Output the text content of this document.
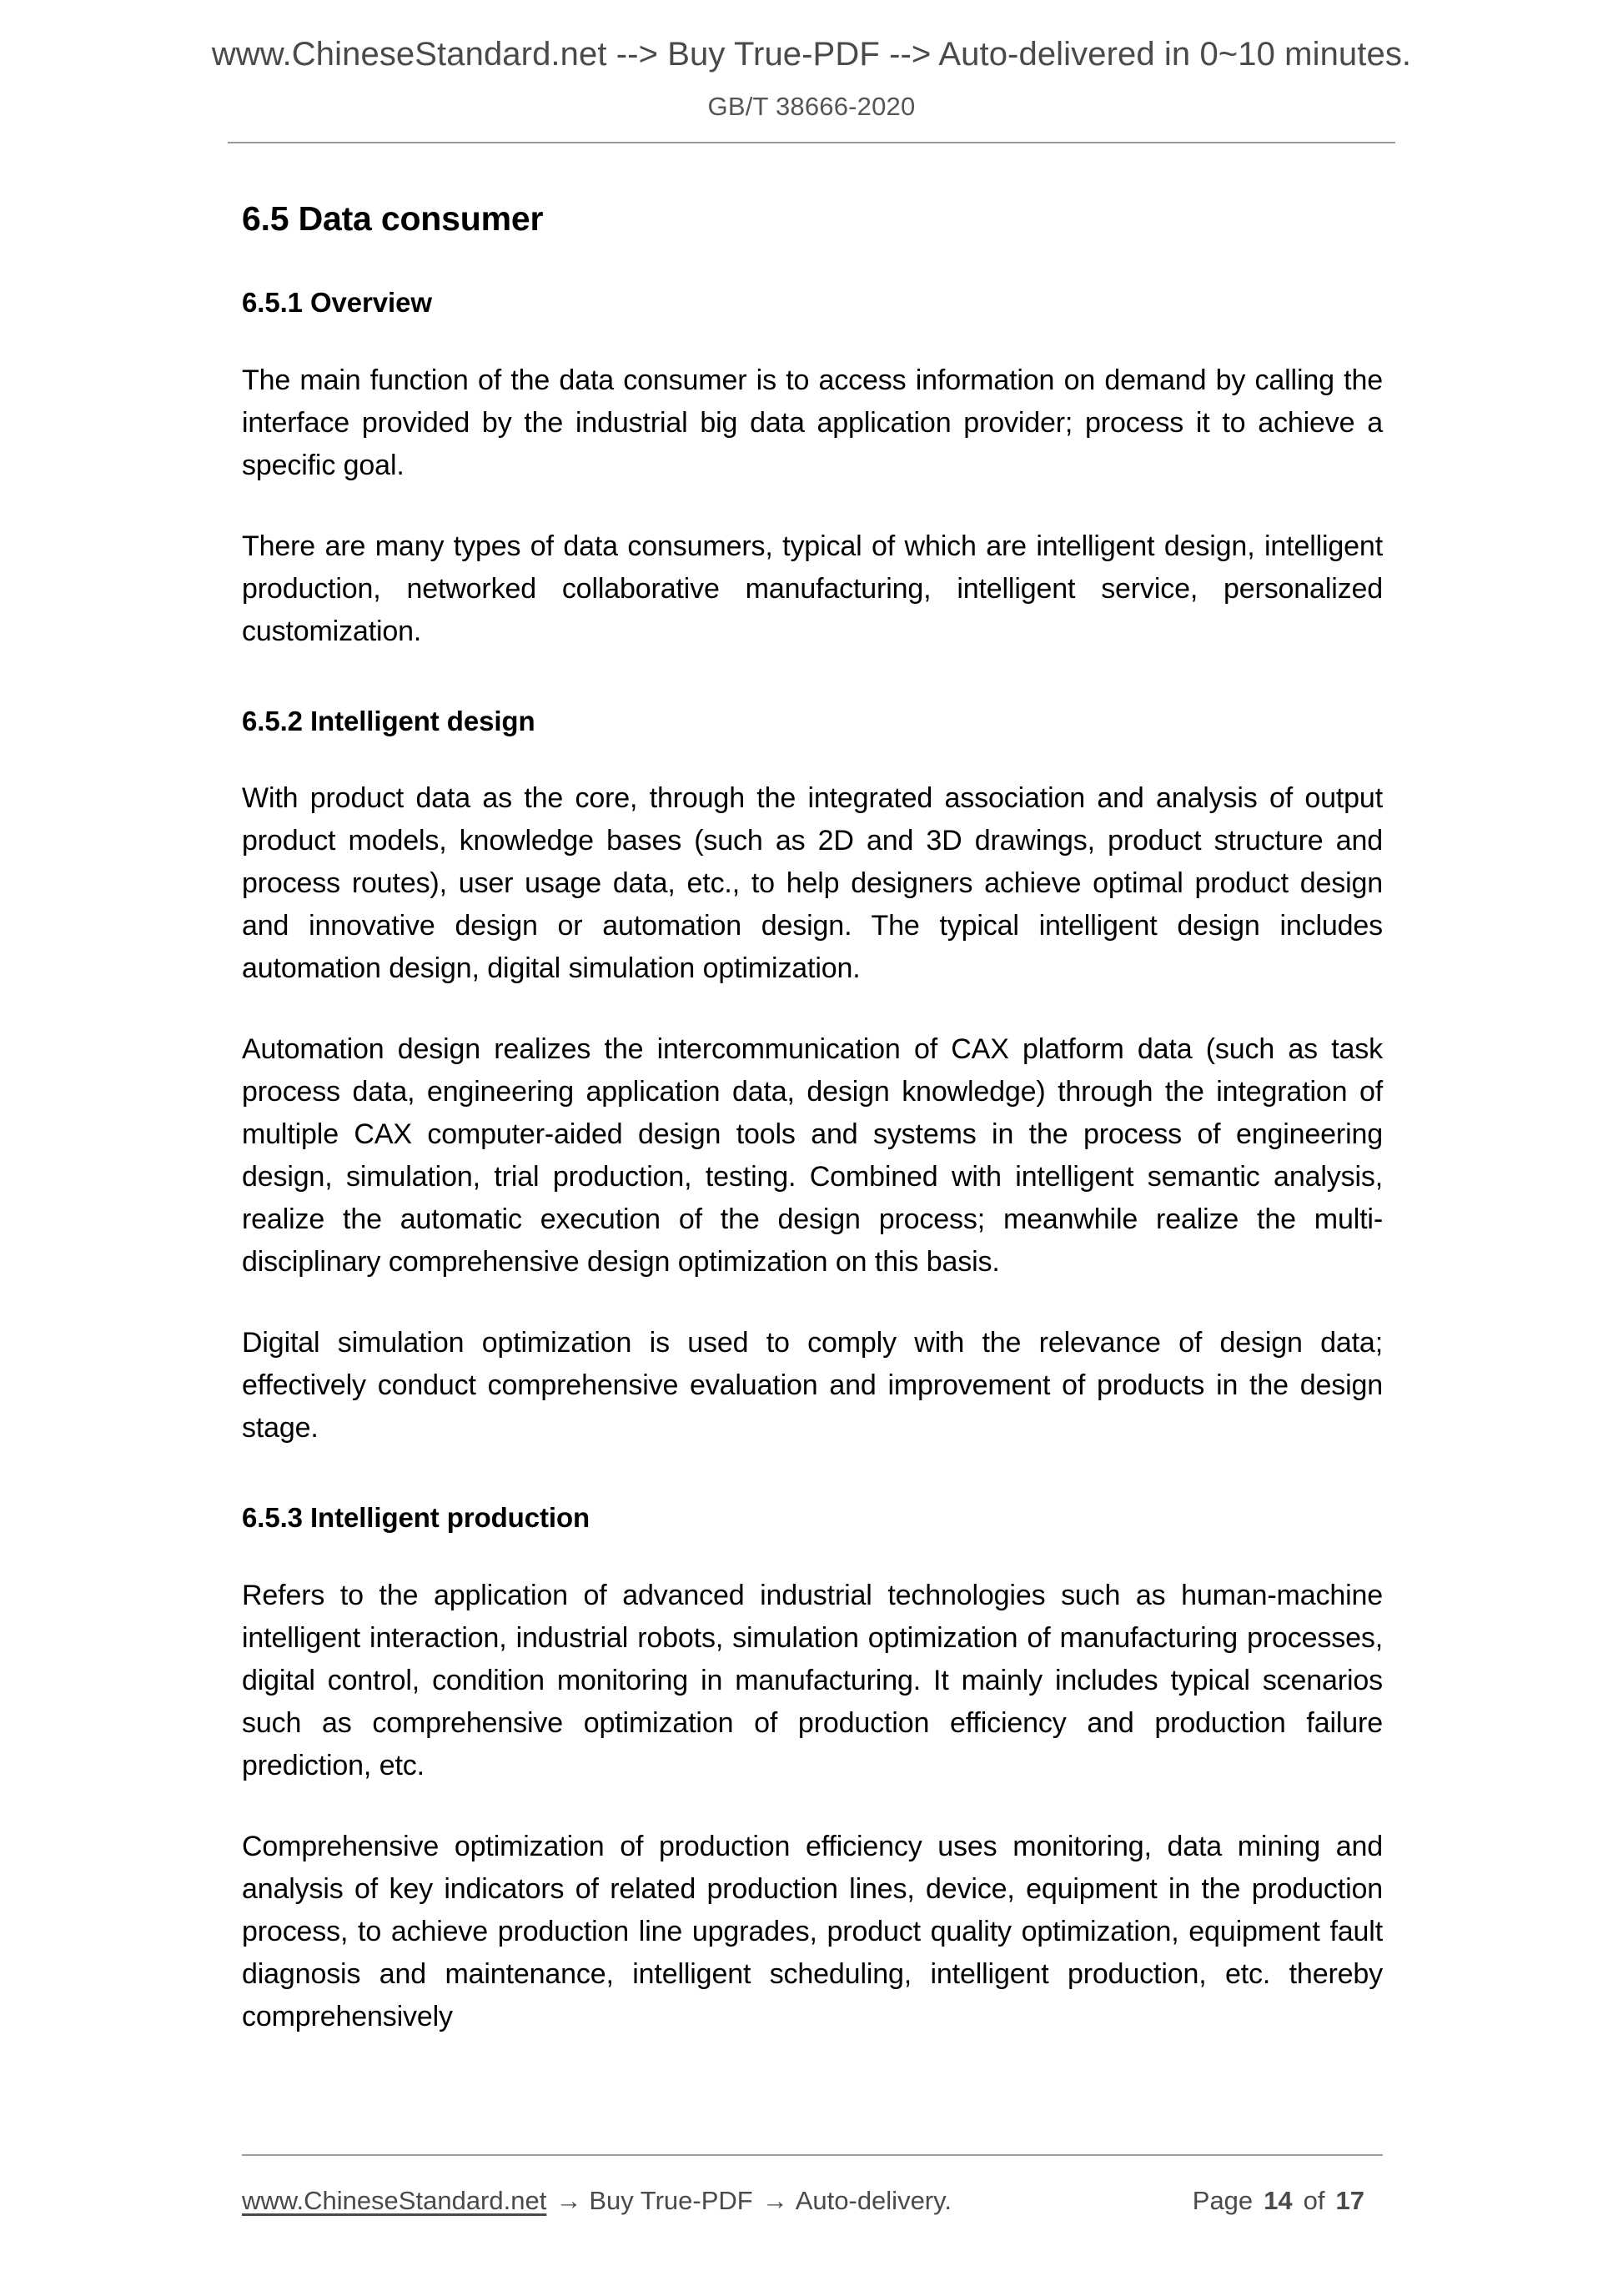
www.ChineseStandard.net --> Buy True-PDF --> Auto-delivered in 0~10 minutes.
GB/T 38666-2020
6.5 Data consumer
6.5.1 Overview

The main function of the data consumer is to access information on demand by calling the interface provided by the industrial big data application provider; process it to achieve a specific goal.

There are many types of data consumers, typical of which are intelligent design, intelligent production, networked collaborative manufacturing, intelligent service, personalized customization.

6.5.2 Intelligent design

With product data as the core, through the integrated association and analysis of output product models, knowledge bases (such as 2D and 3D drawings, product structure and process routes), user usage data, etc., to help designers achieve optimal product design and innovative design or automation design. The typical intelligent design includes automation design, digital simulation optimization.

Automation design realizes the intercommunication of CAX platform data (such as task process data, engineering application data, design knowledge) through the integration of multiple CAX computer-aided design tools and systems in the process of engineering design, simulation, trial production, testing. Combined with intelligent semantic analysis, realize the automatic execution of the design process; meanwhile realize the multi-disciplinary comprehensive design optimization on this basis.

Digital simulation optimization is used to comply with the relevance of design data; effectively conduct comprehensive evaluation and improvement of products in the design stage.

6.5.3 Intelligent production

Refers to the application of advanced industrial technologies such as human-machine intelligent interaction, industrial robots, simulation optimization of manufacturing processes, digital control, condition monitoring in manufacturing. It mainly includes typical scenarios such as comprehensive optimization of production efficiency and production failure prediction, etc.

Comprehensive optimization of production efficiency uses monitoring, data mining and analysis of key indicators of related production lines, device, equipment in the production process, to achieve production line upgrades, product quality optimization, equipment fault diagnosis and maintenance, intelligent scheduling, intelligent production, etc. thereby comprehensively

www.ChineseStandard.net → Buy True-PDF → Auto-delivery.	Page 14 of 17
